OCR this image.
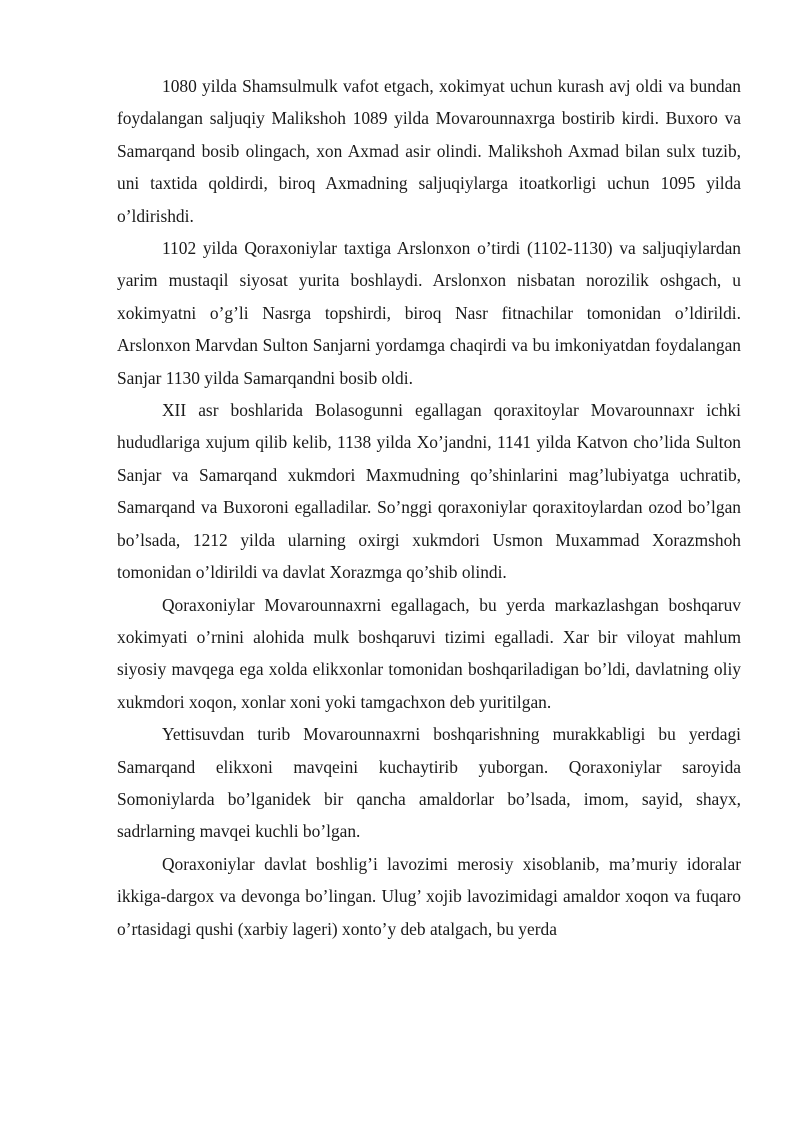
1080 yilda Shamsulmulk vafot etgach, xokimyat uchun kurash avj oldi va bundan foydalangan saljuqiy Malikshoh 1089 yilda Movarounnaxrga bostirib kirdi. Buxoro va Samarqand bosib olingach, xon Axmad asir olindi. Malikshoh Axmad bilan sulx tuzib, uni taxtida qoldirdi, biroq Axmadning saljuqiylarga itoatkorligi uchun 1095 yilda o’ldirishdi.

1102 yilda Qoraxoniylar taxtiga Arslonxon o’tirdi (1102-1130) va saljuqiylardan yarim mustaqil siyosat yurita boshlaydi. Arslonxon nisbatan norozilik oshgach, u xokimyatni o’g’li Nasrga topshirdi, biroq Nasr fitnachilar tomonidan o’ldirildi. Arslonxon Marvdan Sulton Sanjarni yordamga chaqirdi va bu imkoniyatdan foydalangan Sanjar 1130 yilda Samarqandni bosib oldi.

XII asr boshlarida Bolasogunni egallagan qoraxitoylar Movarounnaxr ichki hududlariga xujum qilib kelib, 1138 yilda Xo’jandni, 1141 yilda Katvon cho’lida Sulton Sanjar va Samarqand xukmdori Maxmudning qo’shinlarini mag’lubiyatga uchratib, Samarqand va Buxoroni egalladilar. So’nggi qoraxoniylar qoraxitoylardan ozod bo’lgan bo’lsada, 1212 yilda ularning oxirgi xukmdori Usmon Muxammad Xorazmshoh tomonidan o’ldirildi va davlat Xorazmga qo’shib olindi.

Qoraxoniylar Movarounnaxrni egallagach, bu yerda markazlashgan boshqaruv xokimyati o’rnini alohida mulk boshqaruvi tizimi egalladi. Xar bir viloyat mahlum siyosiy mavqega ega xolda elikxonlar tomonidan boshqariladigan bo’ldi, davlatning oliy xukmdori xoqon, xonlar xoni yoki tamgachxon deb yuritilgan.

Yettisuvdan turib Movarounnaxrni boshqarishning murakkabligi bu yerdagi Samarqand elikxoni mavqeini kuchaytirib yuborgan. Qoraxoniylar saroyida Somoniylarda bo’lganidek bir qancha amaldorlar bo’lsada, imom, sayid, shayx, sadrlarning mavqei kuchli bo’lgan.

Qoraxoniylar davlat boshlig’i lavozimi merosiy xisoblanib, ma’muriy idoralar ikkiga-dargox va devonga bo’lingan. Ulug’ xojib lavozimidagi amaldor xoqon va fuqaro o’rtasidagi qushi (xarbiy lageri) xonto’y deb atalgach, bu yerda
